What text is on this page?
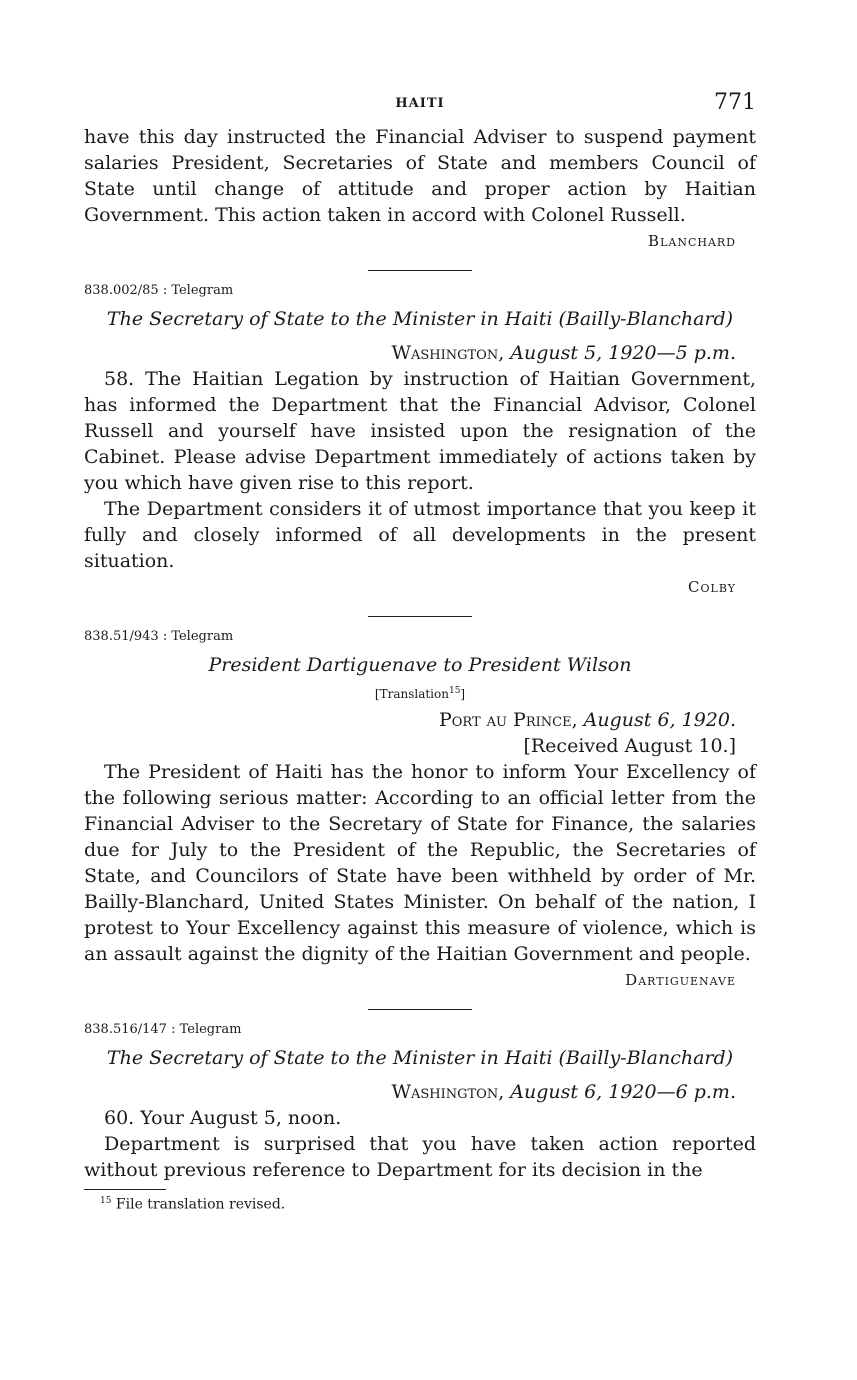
HAITI	771

have this day instructed the Financial Adviser to suspend payment salaries President, Secretaries of State and members Council of State until change of attitude and proper action by Haitian Government. This action taken in accord with Colonel Russell.

Blanchard
838.002/85 : Telegram
The Secretary of State to the Minister in Haiti (Bailly-Blanchard)
Washington, August 5, 1920—5 p.m.

58. The Haitian Legation by instruction of Haitian Government, has informed the Department that the Financial Advisor, Colonel Russell and yourself have insisted upon the resignation of the Cabinet. Please advise Department immediately of actions taken by you which have given rise to this report.

The Department considers it of utmost importance that you keep it fully and closely informed of all developments in the present situation.

Colby
838.51/943 : Telegram
President Dartiguenave to President Wilson
[Translation$^{15}$]
Port au Prince, August 6, 1920.
[Received August 10.]

The President of Haiti has the honor to inform Your Excellency of the following serious matter: According to an official letter from the Financial Adviser to the Secretary of State for Finance, the salaries due for July to the President of the Republic, the Secretaries of State, and Councilors of State have been withheld by order of Mr. Bailly-Blanchard, United States Minister. On behalf of the nation, I protest to Your Excellency against this measure of violence, which is an assault against the dignity of the Haitian Government and people.

Dartiguenave
838.516/147 : Telegram
The Secretary of State to the Minister in Haiti (Bailly-Blanchard)
Washington, August 6, 1920—6 p.m.

60. Your August 5, noon.

Department is surprised that you have taken action reported without previous reference to Department for its decision in the

$^{15}$ File translation revised.
